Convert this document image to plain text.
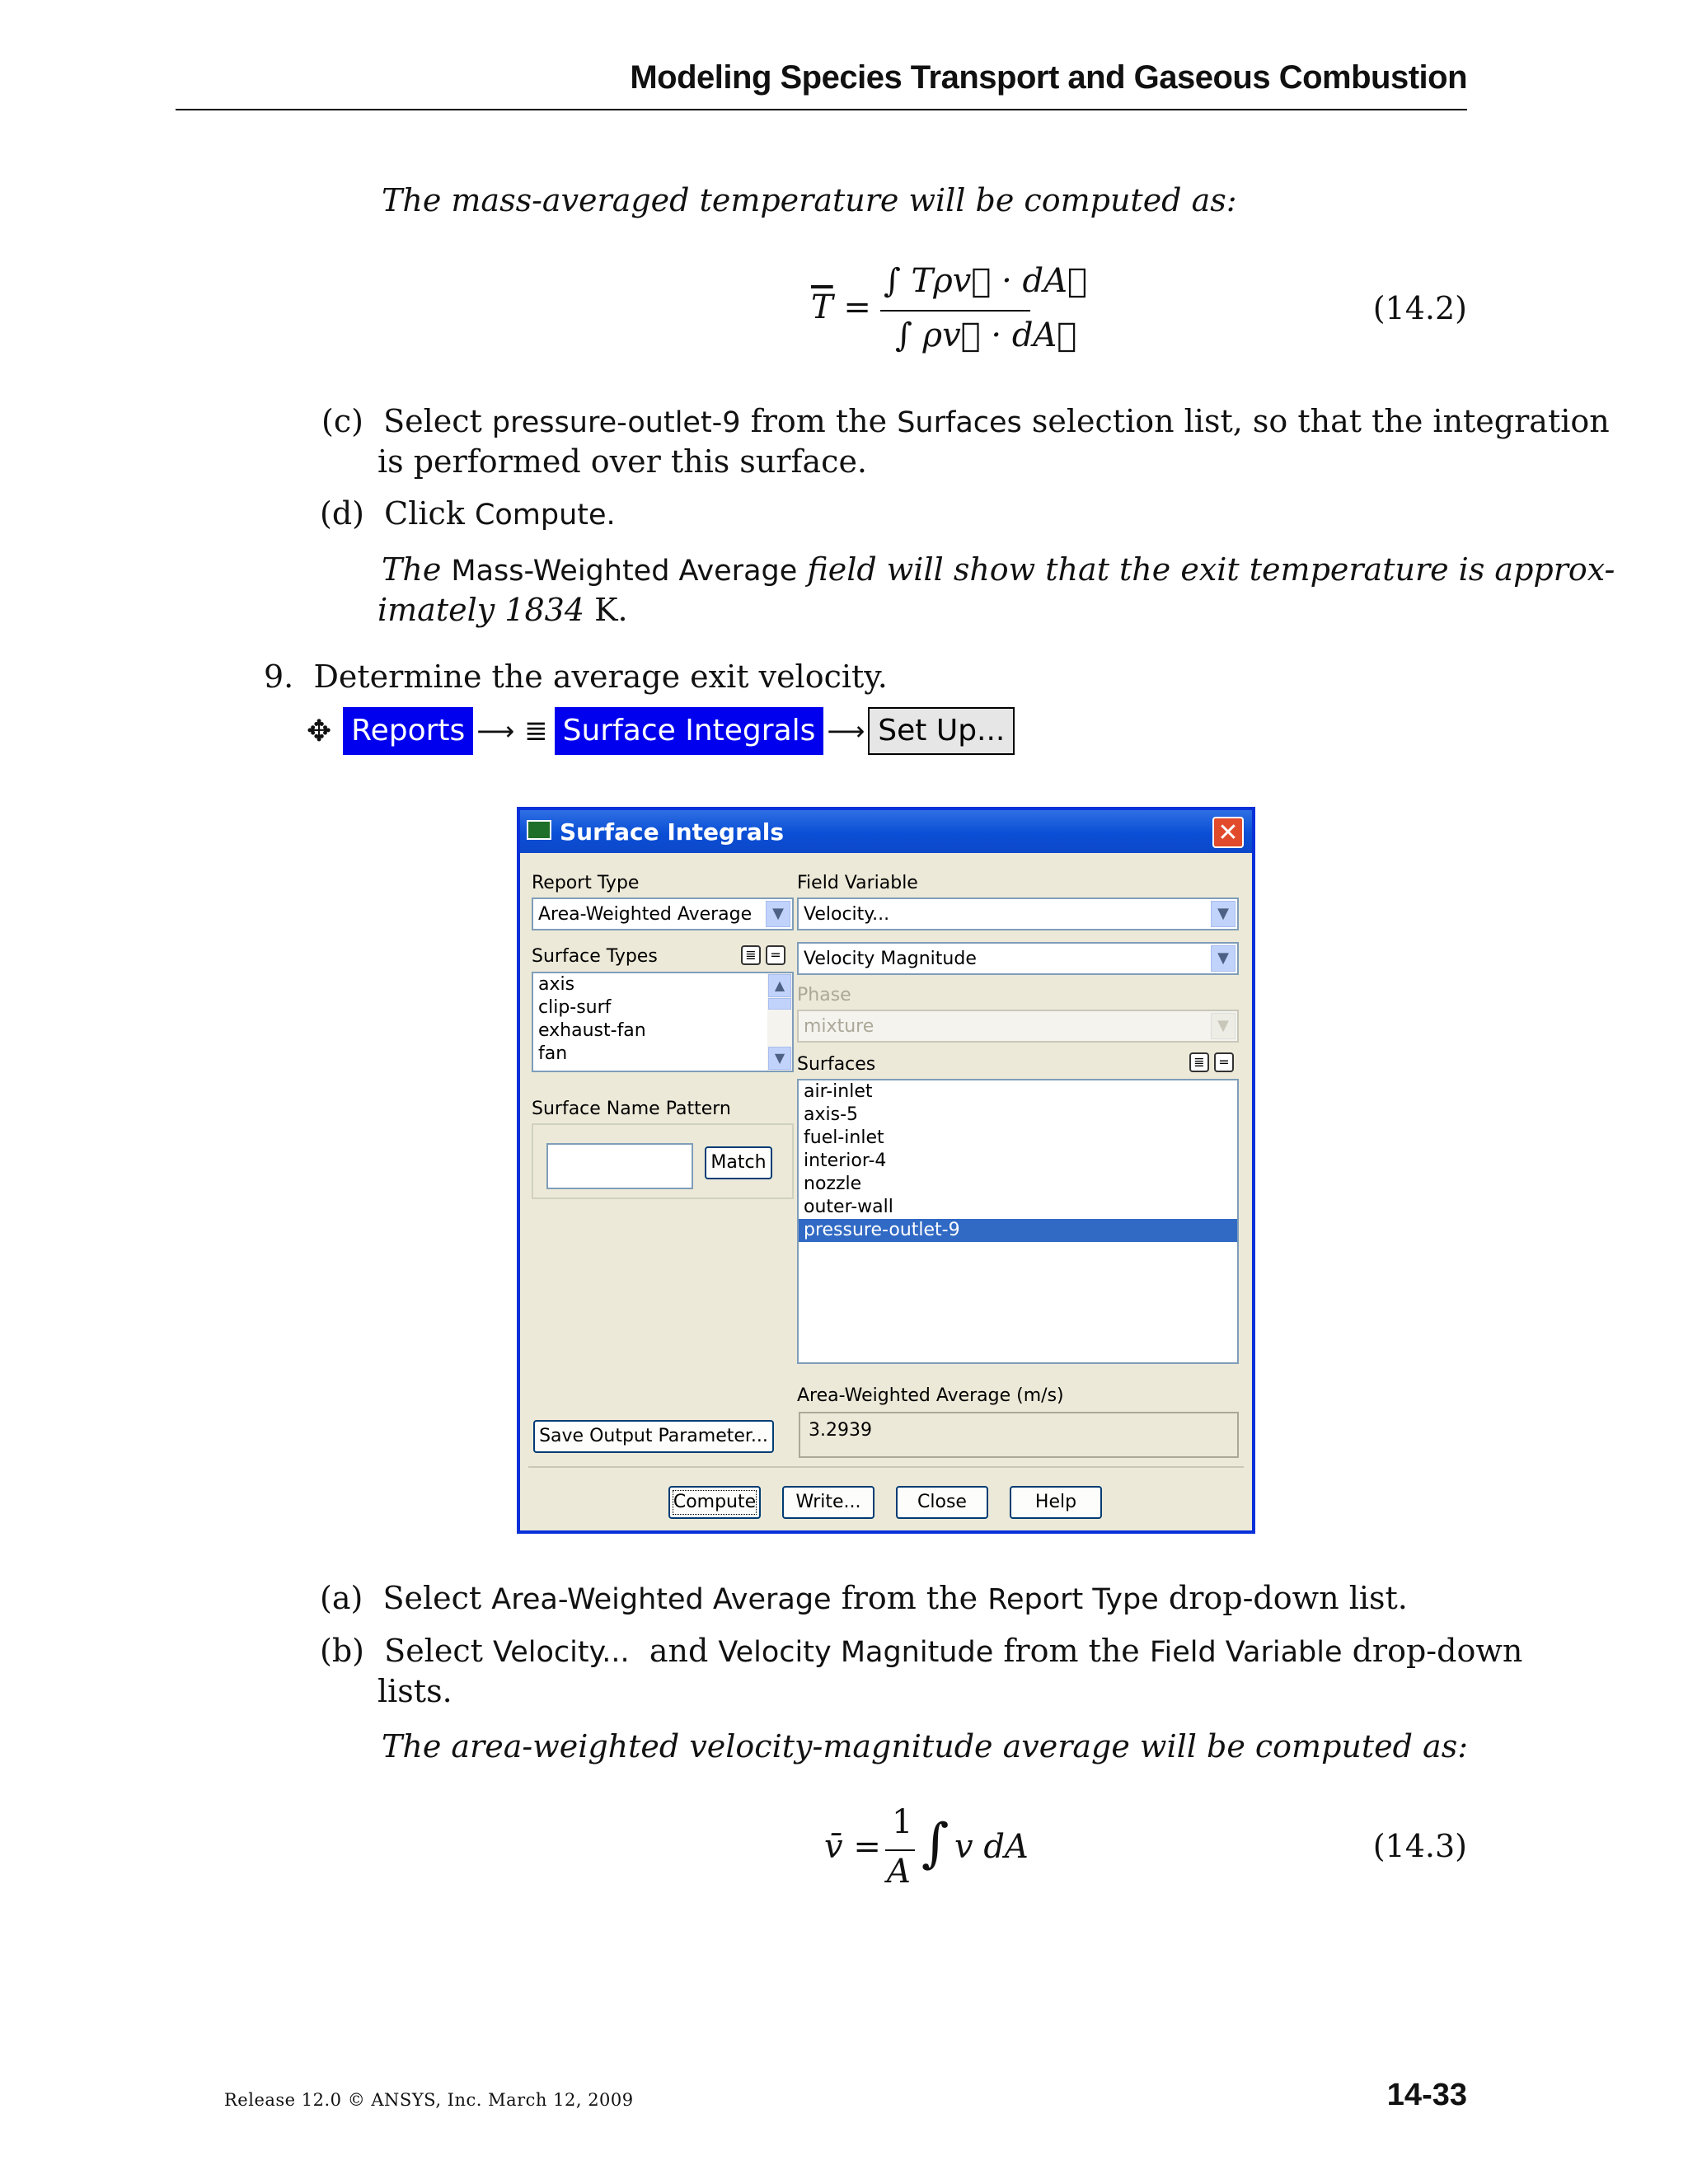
Modeling Species Transport and Gaseous Combustion
The mass-averaged temperature will be computed as:
$\overline{T}$ =
∫ Tρv⃗ · dA⃗
∫ ρv⃗ · dA⃗
(14.2)
(c) Select pressure-outlet-9 from the Surfaces selection list, so that the integration
is performed over this surface.
(d) Click Compute.
The Mass-Weighted Average field will show that the exit temperature is approx-
imately 1834 K.
9. Determine the average exit velocity.
✥ Reports ⟶ ≣ Surface Integrals ⟶ Set Up...
Surface Integrals	✕
Report Type
Area-Weighted Average	▼
Surface Types	≣	=
axis
clip-surf
exhaust-fan
fan
▲
▼
Surface Name Pattern
Match
Save Output Parameter...
Field Variable
Velocity...	▼
Velocity Magnitude	▼
Phase
mixture	▼
Surfaces	≣	=
air-inlet
axis-5
fuel-inlet
interior-4
nozzle
outer-wall
pressure-outlet-9
Area-Weighted Average (m/s)
3.2939
Compute	Write...	Close	Help
(a) Select Area-Weighted Average from the Report Type drop-down list.
(b) Select Velocity... and Velocity Magnitude from the Field Variable drop-down
lists.
The area-weighted velocity-magnitude average will be computed as:
v̄ =
1
A ∫ v dA	(14.3)
Release 12.0 © ANSYS, Inc. March 12, 2009	14-33
